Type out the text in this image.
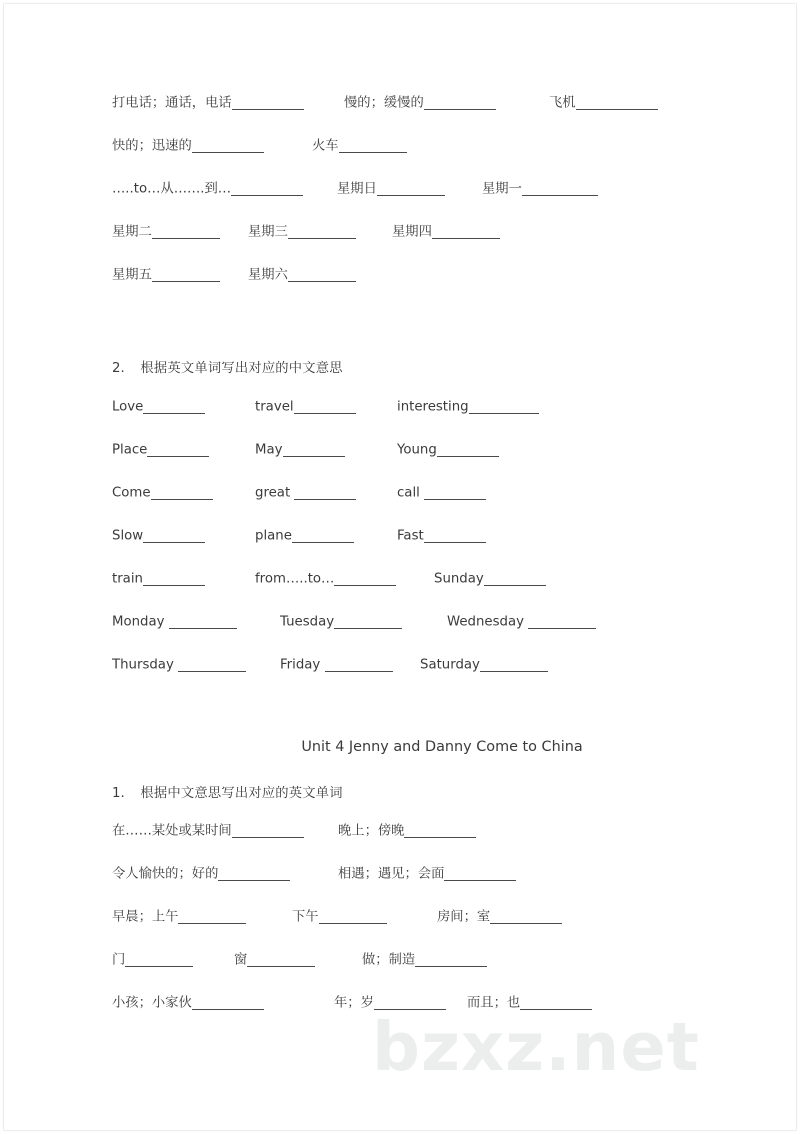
打电话；通话，电话	慢的；缓慢的	飞机
快的；迅速的	火车
…..to…从…….到…	星期日	星期一
星期二	星期三	星期四
星期五	星期六
2. 根据英文单词写出对应的中文意思
Love	travel	interesting
Place	May	Young
Come	great	call
Slow	plane	Fast
train	from…..to…	Sunday
Monday	Tuesday	Wednesday
Thursday	Friday	Saturday
Unit 4 Jenny and Danny Come to China
1. 根据中文意思写出对应的英文单词
在……某处或某时间	晚上；傍晚
令人愉快的；好的	相遇；遇见；会面
早晨；上午	下午	房间；室
门	窗	做；制造
小孩；小家伙	年；岁	而且；也
bzxz.net
